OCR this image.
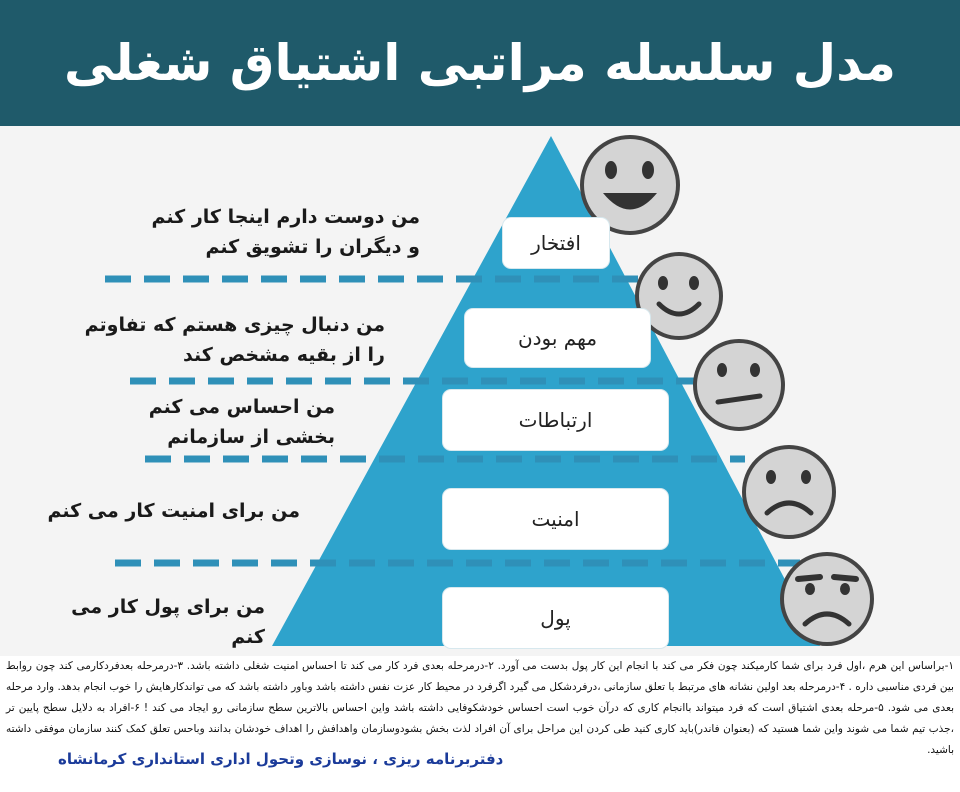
مدل سلسله مراتبی اشتیاق شغلی
افتخار
مهم بودن
ارتباطات
امنیت
پول
من دوست دارم اینجا کار کنم و دیگران را تشویق کنم
من دنبال چیزی هستم که تفاوتم را از بقیه مشخص کند
من احساس می کنم بخشی از سازمانم
من برای امنیت کار می کنم
من برای پول کار می کنم
۱-براساس این هرم ،اول فرد برای شما کارمیکند چون فکر می کند با انجام این کار پول بدست می آورد. ۲-درمرحله بعدی فرد کار می کند تا احساس امنیت شغلی داشته باشد. ۳-درمرحله بعدفردکارمی کند چون روابط بین فردی مناسبی داره . ۴-درمرحله بعد اولین نشانه های مرتبط با تعلق سازمانی ،درفردشکل می گیرد اگرفرد در محیط کار عزت نفس داشته باشد وباور داشته باشد که می تواندکارهایش را خوب انجام بدهد. وارد مرحله بعدی می شود. ۵-مرحله بعدی اشتیاق است که فرد میتواند باانجام کاری که درآن خوب است احساس خودشکوفایی داشته باشد واین احساس بالاترین سطح سازمانی رو ایجاد می کند ! ۶-افراد به دلایل سطح پایین تر ،جذب تیم شما می شوند واین شما هستید که (بعنوان فاندر)باید کاری کنید طی کردن این مراحل برای آن افراد لذت بخش بشودوسازمان واهدافش را اهداف خودشان بدانند وباحس تعلق کمک کنند سازمان موفقی داشته باشید.
دفتربرنامه ریزی ، نوسازی وتحول اداری استانداری کرمانشاه
